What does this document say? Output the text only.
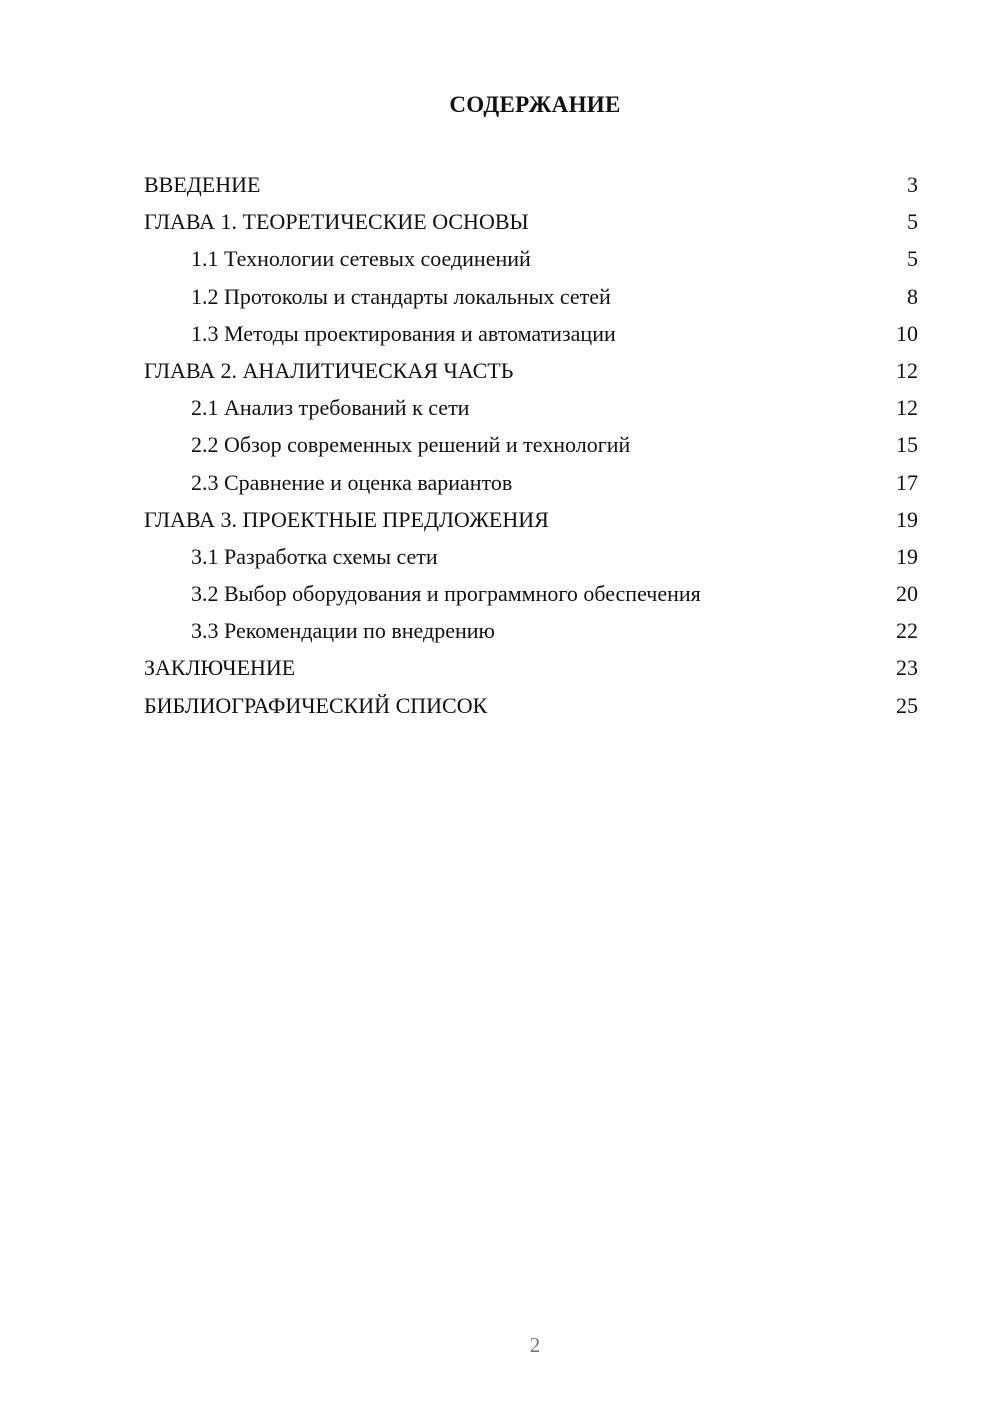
СОДЕРЖАНИЕ
ВВЕДЕНИЕ	3
ГЛАВА 1. ТЕОРЕТИЧЕСКИЕ ОСНОВЫ	5
1.1 Технологии сетевых соединений	5
1.2 Протоколы и стандарты локальных сетей	8
1.3 Методы проектирования и автоматизации	10
ГЛАВА 2. АНАЛИТИЧЕСКАЯ ЧАСТЬ	12
2.1 Анализ требований к сети	12
2.2 Обзор современных решений и технологий	15
2.3 Сравнение и оценка вариантов	17
ГЛАВА 3. ПРОЕКТНЫЕ ПРЕДЛОЖЕНИЯ	19
3.1 Разработка схемы сети	19
3.2 Выбор оборудования и программного обеспечения	20
3.3 Рекомендации по внедрению	22
ЗАКЛЮЧЕНИЕ	23
БИБЛИОГРАФИЧЕСКИЙ СПИСОК	25
2
